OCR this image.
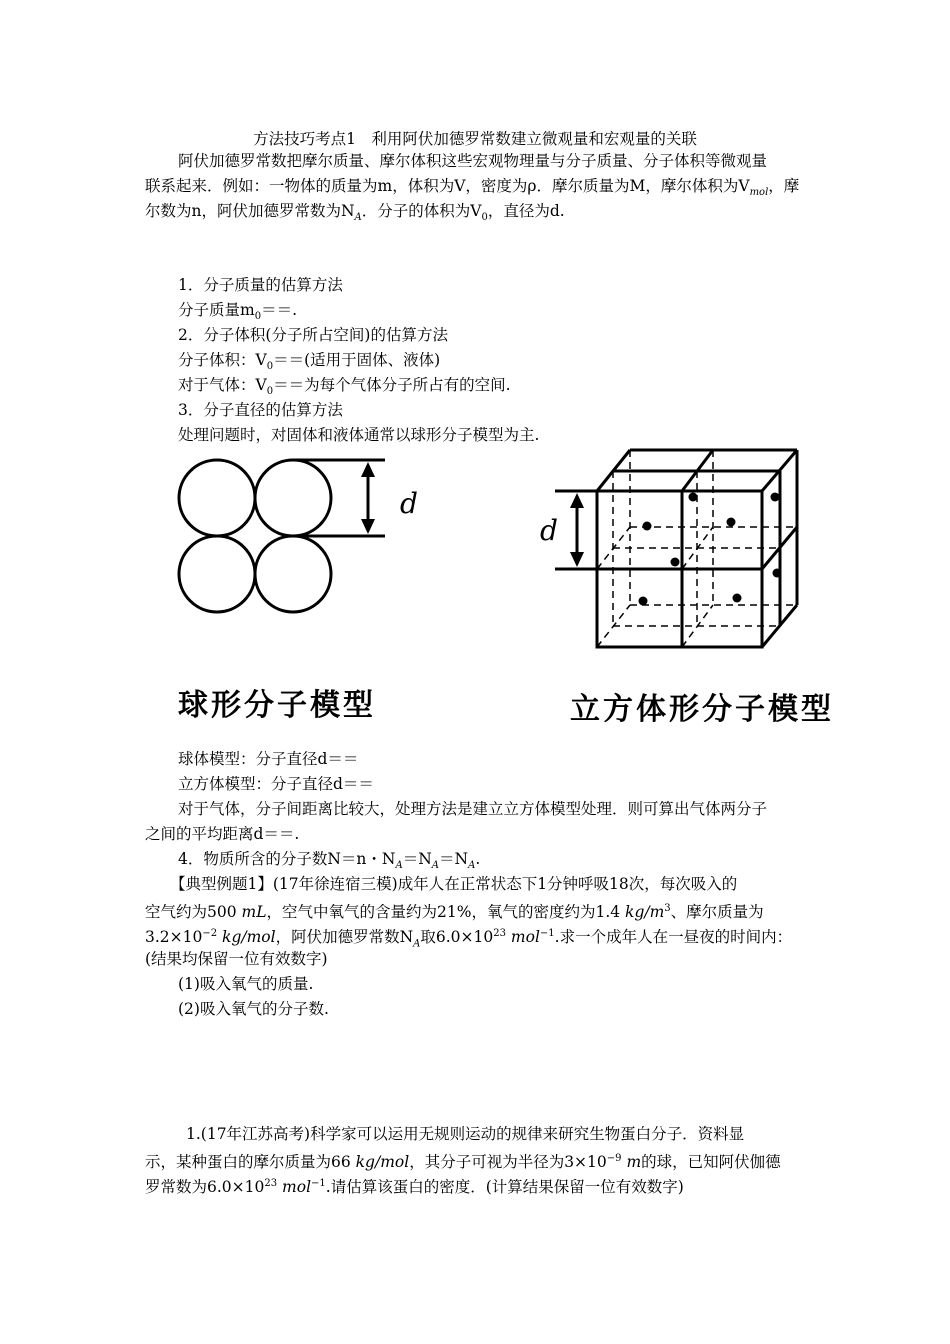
方法技巧考点1　利用阿伏加德罗常数建立微观量和宏观量的关联
阿伏加德罗常数把摩尔质量、摩尔体积这些宏观物理量与分子质量、分子体积等微观量
联系起来．例如：一物体的质量为m，体积为V，密度为ρ．摩尔质量为M，摩尔体积为$V_{mol}$，摩
尔数为n，阿伏加德罗常数为$N_A$．分子的体积为$V_0$，直径为d.
1．分子质量的估算方法
分子质量$m_0==$.
2．分子体积(分子所占空间)的估算方法
分子体积：$V_0==$(适用于固体、液体)
对于气体：$V_0==$为每个气体分子所占有的空间.
3．分子直径的估算方法
处理问题时，对固体和液体通常以球形分子模型为主.
d
d
球形分子模型	立方体形分子模型
球体模型：分子直径d＝＝
立方体模型：分子直径d＝＝
对于气体，分子间距离比较大，处理方法是建立立方体模型处理．则可算出气体两分子
之间的平均距离d＝＝.
4．物质所含的分子数N＝n・$N_A=N_A=N_A$.
【典型例题1】(17年徐连宿三模)成年人在正常状态下1分钟呼吸18次，每次吸入的
空气约为500 mL，空气中氧气的含量约为21%，氧气的密度约为1.4 $kg/m^3$、摩尔质量为
$3.2\times 10^{-2}$ kg/mol，阿伏加德罗常数$N_A$取$6.0\times 10^{23}$ mol$^{-1}$.求一个成年人在一昼夜的时间内：
(结果均保留一位有效数字)
(1)吸入氧气的质量.
(2)吸入氧气的分子数.
1.(17年江苏高考)科学家可以运用无规则运动的规律来研究生物蛋白分子．资料显
示，某种蛋白的摩尔质量为66 kg/mol，其分子可视为半径为$3\times 10^{-9}$ m的球，已知阿伏伽德
罗常数为$6.0\times 10^{23}$ mol$^{-1}$.请估算该蛋白的密度．(计算结果保留一位有效数字)
